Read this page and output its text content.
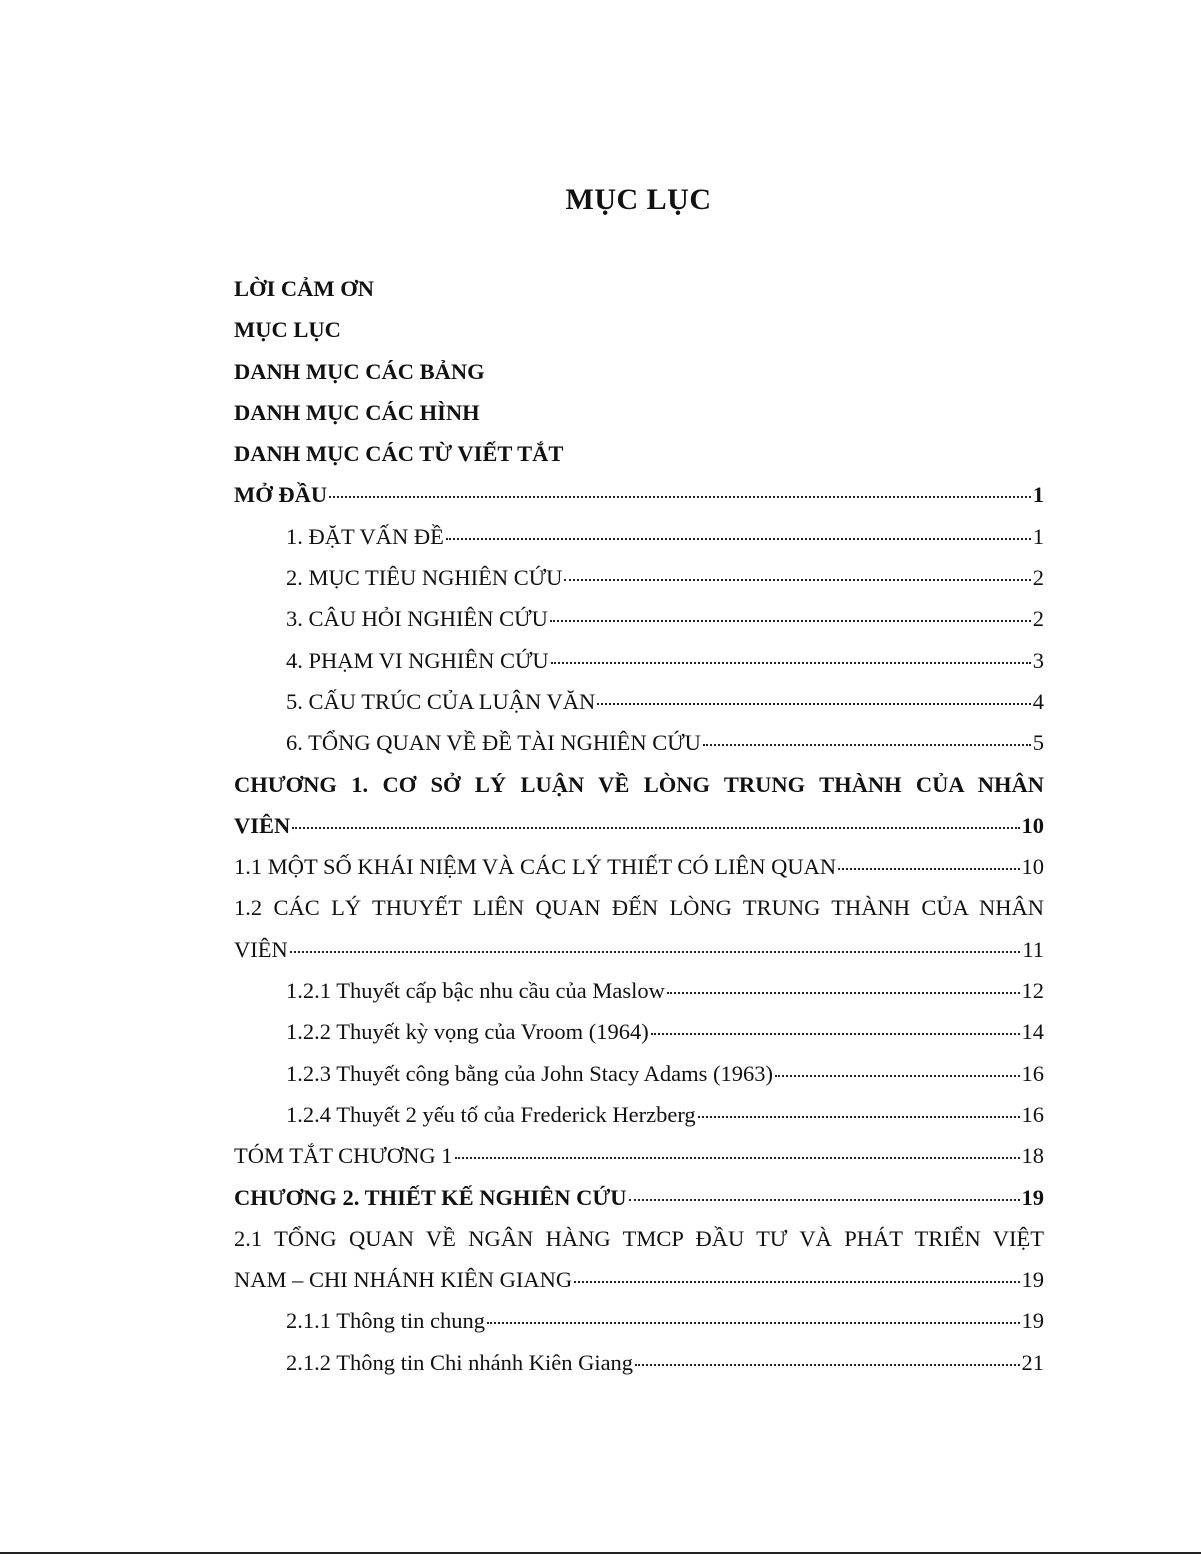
MỤC LỤC
LỜI CẢM ƠN
MỤC LỤC
DANH MỤC CÁC BẢNG
DANH MỤC CÁC HÌNH
DANH MỤC CÁC TỪ VIẾT TẮT
MỞ ĐẦU	1
1. ĐẶT VẤN ĐỀ	1
2. MỤC TIÊU NGHIÊN CỨU	2
3. CÂU HỎI NGHIÊN CỨU	2
4. PHẠM VI NGHIÊN CỨU	3
5. CẤU TRÚC CỦA LUẬN VĂN	4
6. TỔNG QUAN VỀ ĐỀ TÀI NGHIÊN CỨU	5
CHƯƠNG 1. CƠ SỞ LÝ LUẬN VỀ LÒNG TRUNG THÀNH CỦA NHÂN
VIÊN	10
1.1 MỘT SỐ KHÁI NIỆM VÀ CÁC LÝ THIẾT CÓ LIÊN QUAN	10
1.2 CÁC LÝ THUYẾT LIÊN QUAN ĐẾN LÒNG TRUNG THÀNH CỦA NHÂN
VIÊN	11
1.2.1 Thuyết cấp bậc nhu cầu của Maslow	12
1.2.2 Thuyết kỳ vọng của Vroom (1964)	14
1.2.3 Thuyết công bằng của John Stacy Adams (1963)	16
1.2.4 Thuyết 2 yếu tố của Frederick Herzberg	16
TÓM TẮT CHƯƠNG 1	18
CHƯƠNG 2. THIẾT KẾ NGHIÊN CỨU	19
2.1 TỔNG QUAN VỀ NGÂN HÀNG TMCP ĐẦU TƯ VÀ PHÁT TRIỂN VIỆT
NAM – CHI NHÁNH KIÊN GIANG	19
2.1.1 Thông tin chung	19
2.1.2 Thông tin Chi nhánh Kiên Giang	21
